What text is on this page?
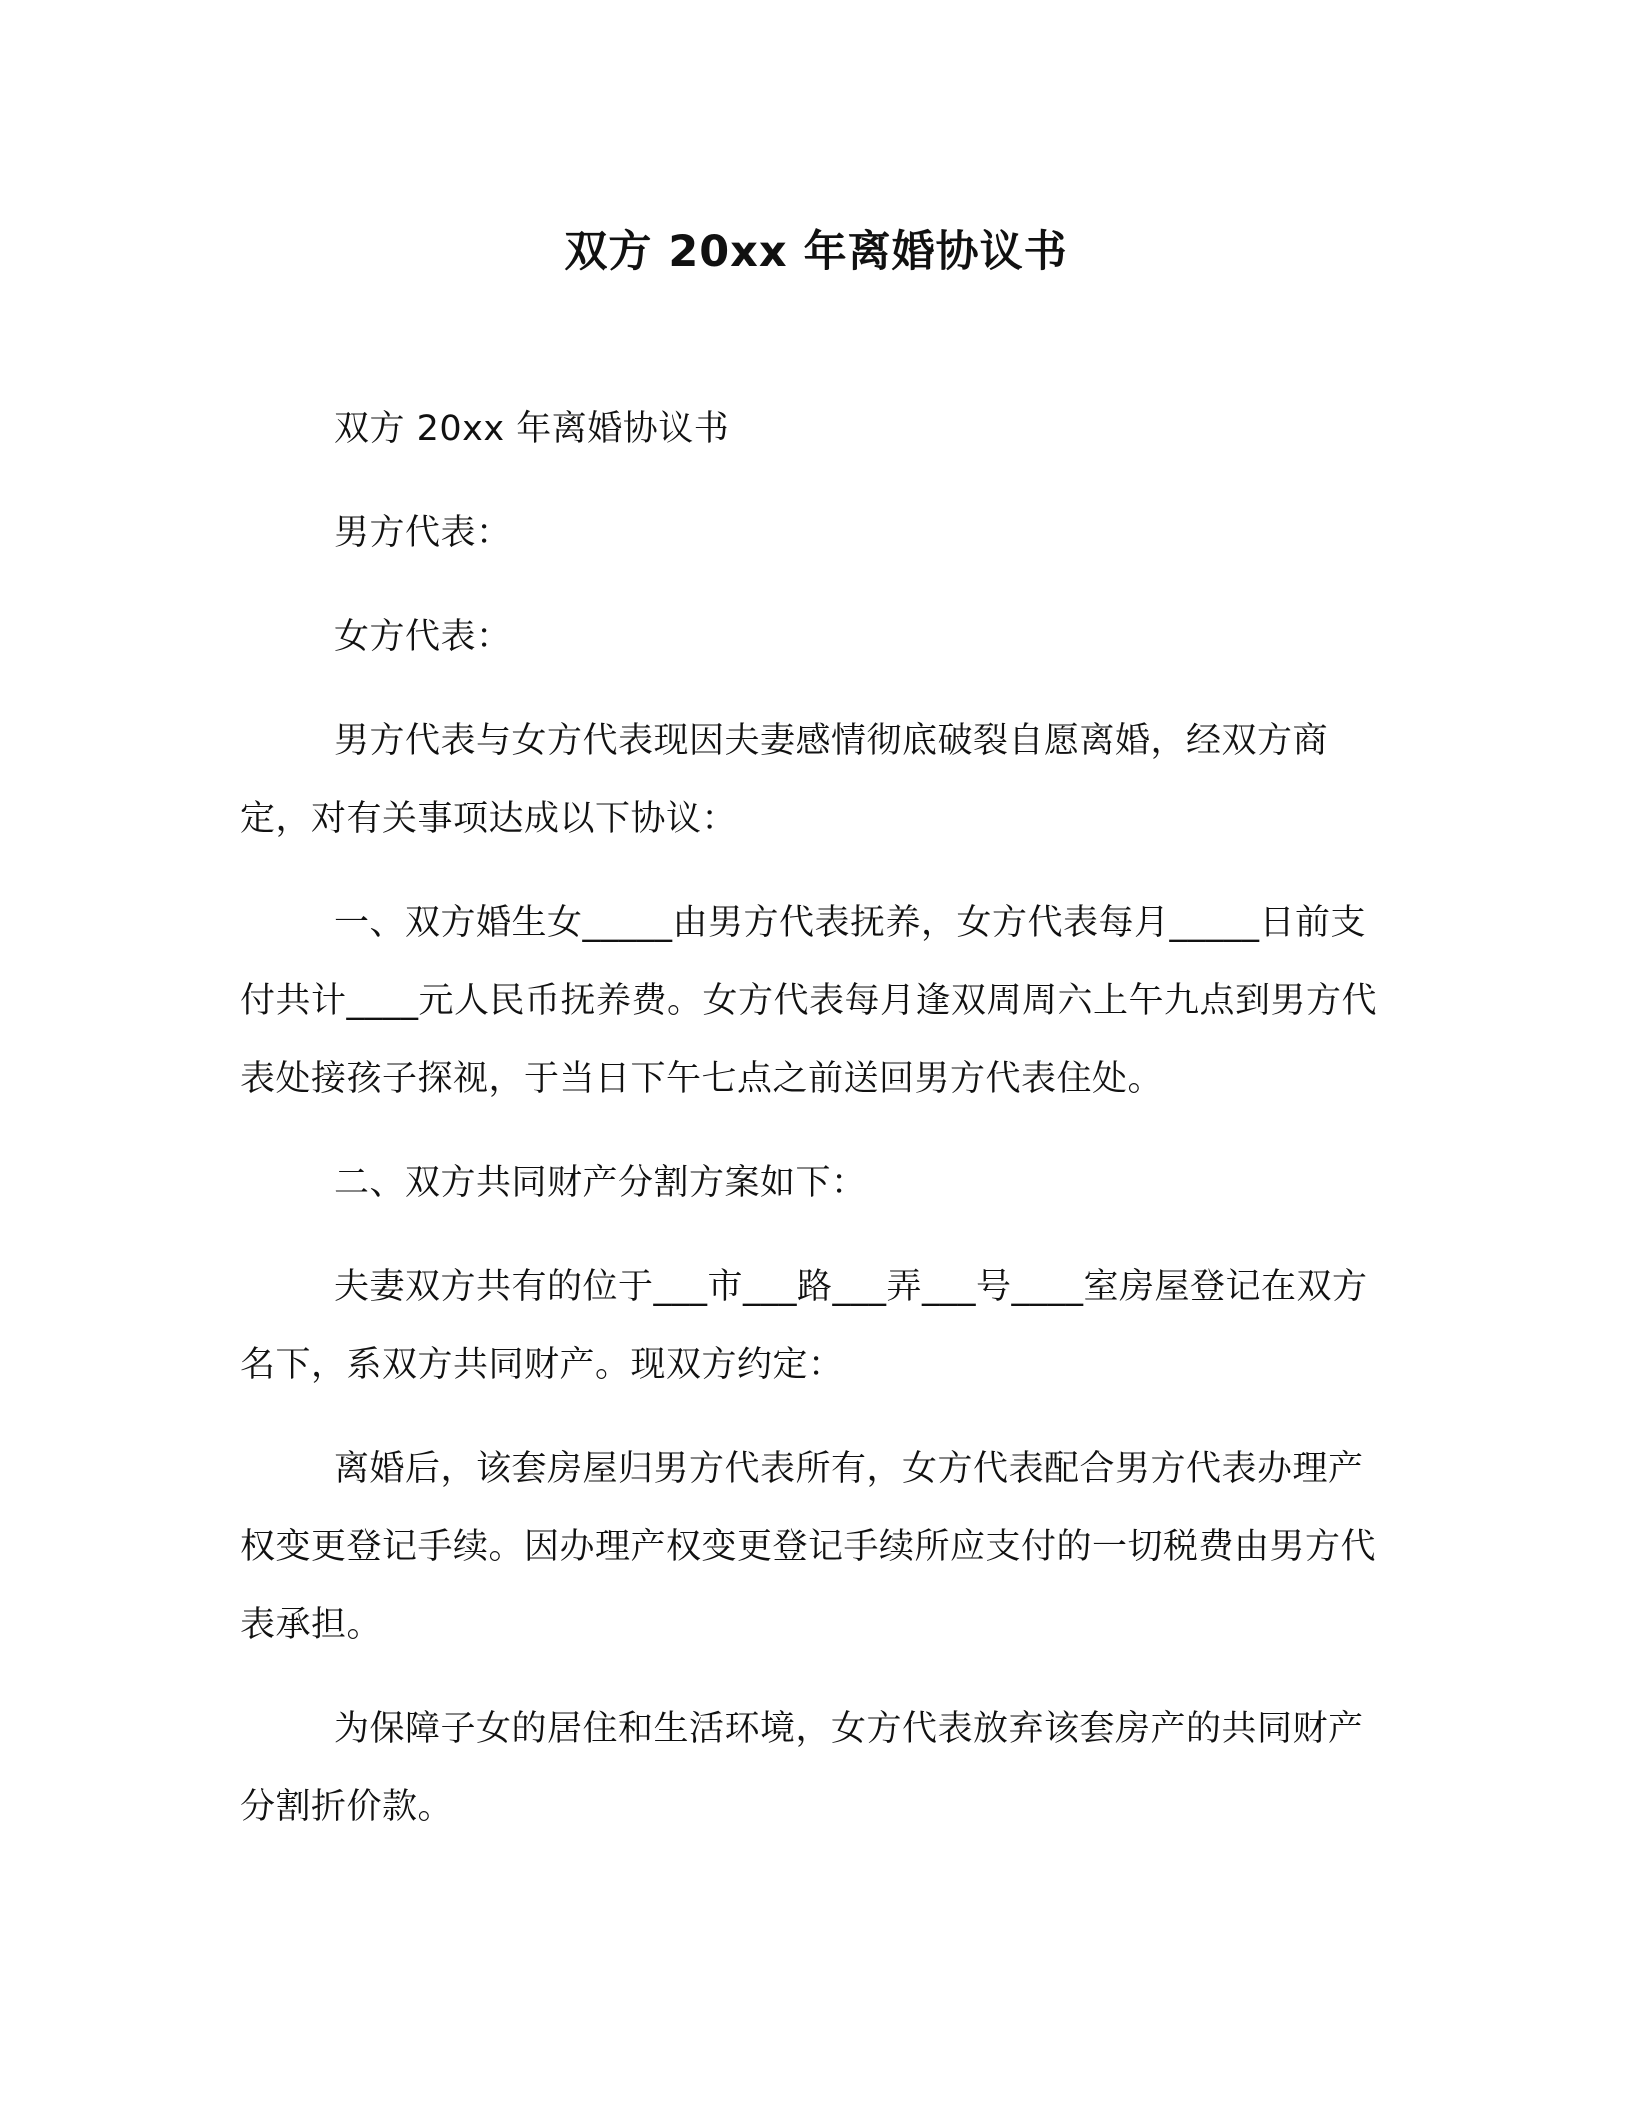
双方 20xx 年离婚协议书

双方 20xx 年离婚协议书

男方代表：

女方代表：

男方代表与女方代表现因夫妻感情彻底破裂自愿离婚，经双方商定，对有关事项达成以下协议：

一、双方婚生女_____由男方代表抚养，女方代表每月_____日前支付共计____元人民币抚养费。女方代表每月逢双周周六上午九点到男方代表处接孩子探视，于当日下午七点之前送回男方代表住处。

二、双方共同财产分割方案如下：

夫妻双方共有的位于___市___路___弄___号____室房屋登记在双方名下，系双方共同财产。现双方约定：

离婚后，该套房屋归男方代表所有，女方代表配合男方代表办理产权变更登记手续。因办理产权变更登记手续所应支付的一切税费由男方代表承担。

为保障子女的居住和生活环境，女方代表放弃该套房产的共同财产分割折价款。
